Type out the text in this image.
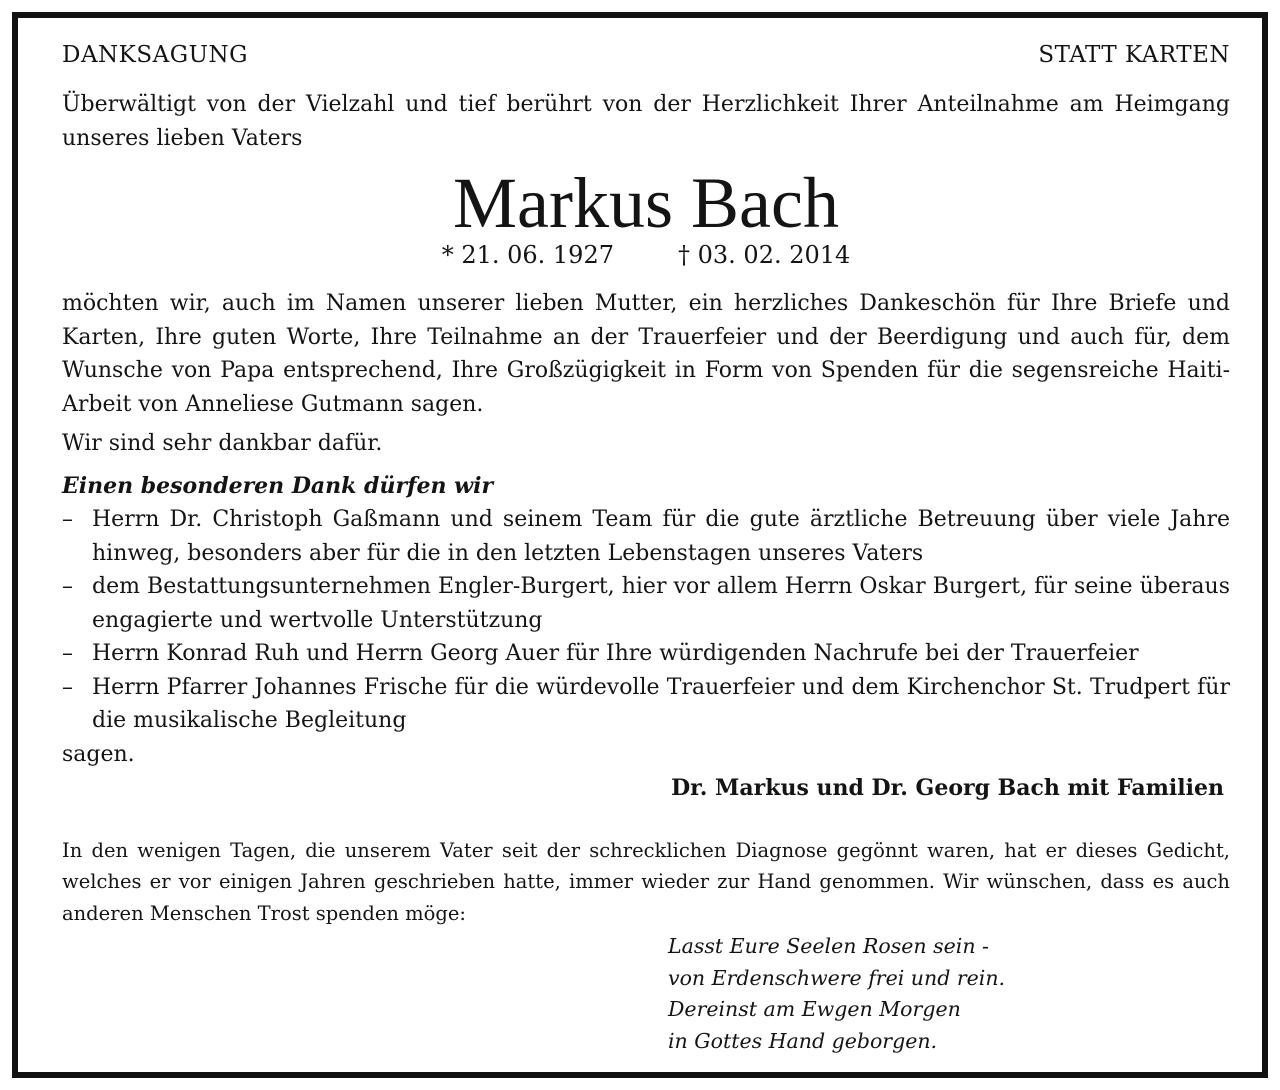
DANKSAGUNG	STATT KARTEN
Überwältigt von der Vielzahl und tief berührt von der Herzlichkeit Ihrer Anteilnahme am Heimgang unseres lieben Vaters
Markus Bach
* 21. 06. 1927	† 03. 02. 2014
möchten wir, auch im Namen unserer lieben Mutter, ein herzliches Dankeschön für Ihre Briefe und Karten, Ihre guten Worte, Ihre Teilnahme an der Trauerfeier und der Beerdigung und auch für, dem Wunsche von Papa entsprechend, Ihre Großzügigkeit in Form von Spenden für die segensreiche Haiti-Arbeit von Anneliese Gutmann sagen.
Wir sind sehr dankbar dafür.
Einen besonderen Dank dürfen wir
– Herrn Dr. Christoph Gaßmann und seinem Team für die gute ärztliche Betreuung über viele Jahre hinweg, besonders aber für die in den letzten Lebenstagen unseres Vaters
– dem Bestattungsunternehmen Engler-Burgert, hier vor allem Herrn Oskar Burgert, für seine überaus engagierte und wertvolle Unterstützung
– Herrn Konrad Ruh und Herrn Georg Auer für Ihre würdigenden Nachrufe bei der Trauerfeier
– Herrn Pfarrer Johannes Frische für die würdevolle Trauerfeier und dem Kirchenchor St. Trudpert für die musikalische Begleitung
sagen.
Dr. Markus und Dr. Georg Bach mit Familien
In den wenigen Tagen, die unserem Vater seit der schrecklichen Diagnose gegönnt waren, hat er dieses Gedicht, welches er vor einigen Jahren geschrieben hatte, immer wieder zur Hand genommen. Wir wünschen, dass es auch anderen Menschen Trost spenden möge:
Lasst Eure Seelen Rosen sein -
von Erdenschwere frei und rein.
Dereinst am Ewgen Morgen
in Gottes Hand geborgen.
